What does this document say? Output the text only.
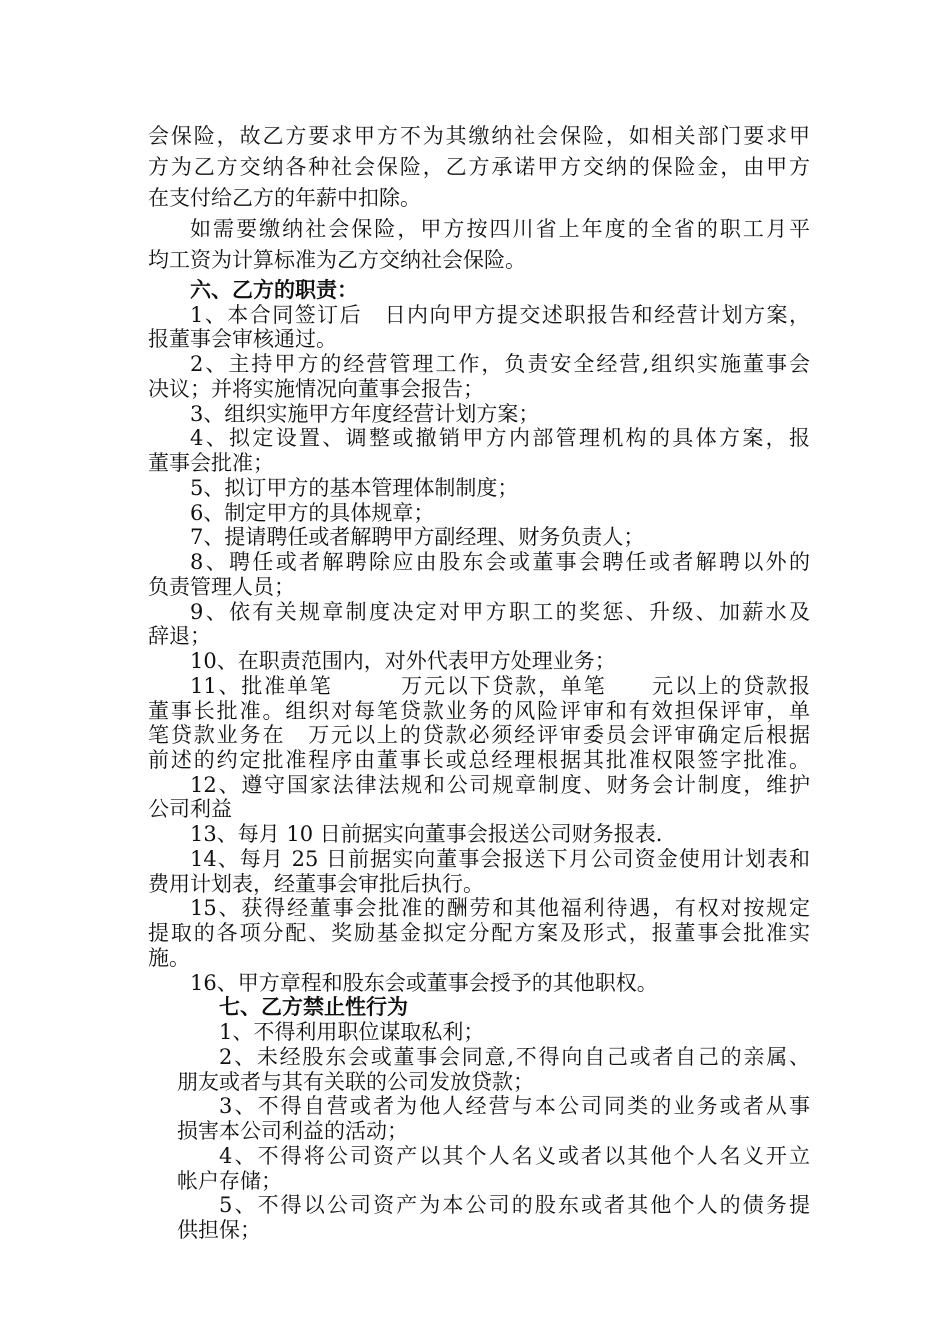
会保险，故乙方要求甲方不为其缴纳社会保险，如相关部门要求甲
方为乙方交纳各种社会保险，乙方承诺甲方交纳的保险金，由甲方
在支付给乙方的年薪中扣除。
如需要缴纳社会保险，甲方按四川省上年度的全省的职工月平
均工资为计算标准为乙方交纳社会保险。
六、乙方的职责：
1、本合同签订后　日内向甲方提交述职报告和经营计划方案，
报董事会审核通过。
2、主持甲方的经营管理工作，负责安全经营,组织实施董事会
决议；并将实施情况向董事会报告；
3、组织实施甲方年度经营计划方案；
4、拟定设置、调整或撤销甲方内部管理机构的具体方案，报
董事会批准；
5、拟订甲方的基本管理体制制度；
6、制定甲方的具体规章；
7、提请聘任或者解聘甲方副经理、财务负责人；
8、聘任或者解聘除应由股东会或董事会聘任或者解聘以外的
负责管理人员；
9、依有关规章制度决定对甲方职工的奖惩、升级、加薪水及
辞退；
10、在职责范围内，对外代表甲方处理业务；
11、批准单笔　　　万元以下贷款，单笔　　元以上的贷款报
董事长批准。组织对每笔贷款业务的风险评审和有效担保评审，单
笔贷款业务在　万元以上的贷款必须经评审委员会评审确定后根据
前述的约定批准程序由董事长或总经理根据其批准权限签字批准。
12、遵守国家法律法规和公司规章制度、财务会计制度，维护
公司利益
13、每月 10 日前据实向董事会报送公司财务报表.
14、每月 25 日前据实向董事会报送下月公司资金使用计划表和
费用计划表，经董事会审批后执行。
15、获得经董事会批准的酬劳和其他福利待遇，有权对按规定
提取的各项分配、奖励基金拟定分配方案及形式，报董事会批准实
施。
16、甲方章程和股东会或董事会授予的其他职权。
七、乙方禁止性行为
1、不得利用职位谋取私利；
2、未经股东会或董事会同意,不得向自己或者自己的亲属、
朋友或者与其有关联的公司发放贷款；
3、不得自营或者为他人经营与本公司同类的业务或者从事
损害本公司利益的活动；
4、不得将公司资产以其个人名义或者以其他个人名义开立
帐户存储；
5、不得以公司资产为本公司的股东或者其他个人的债务提
供担保；
